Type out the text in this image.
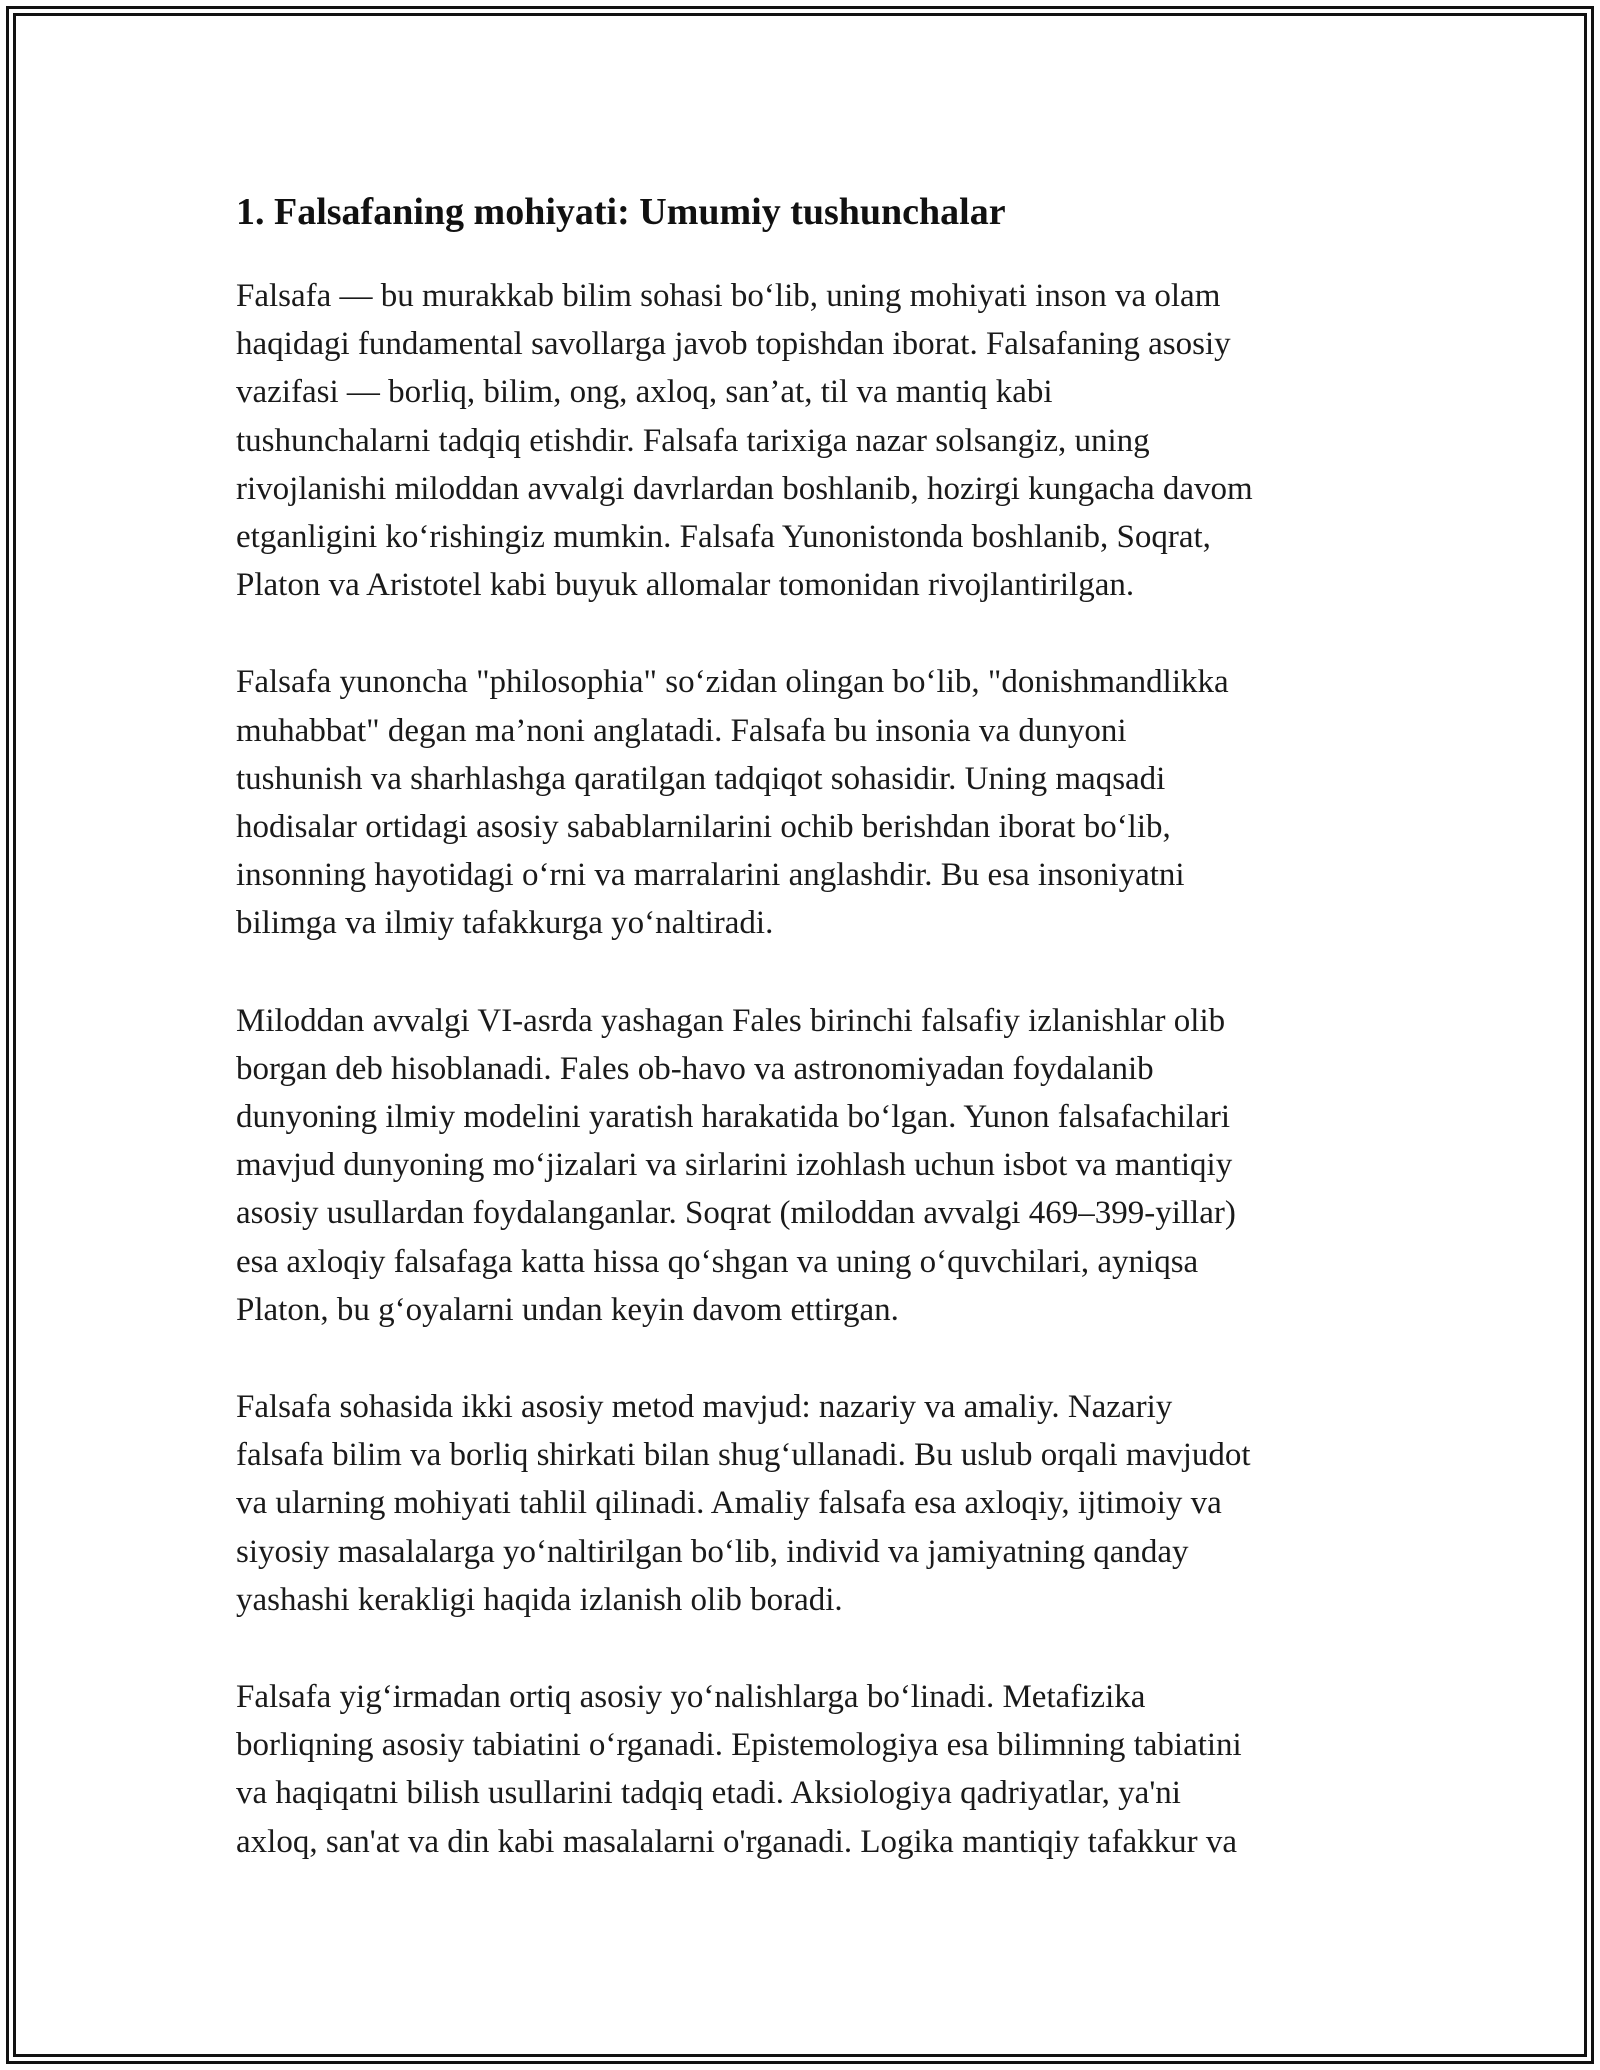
1. Falsafaning mohiyati: Umumiy tushunchalar
Falsafa — bu murakkab bilim sohasi bo‘lib, uning mohiyati inson va olam
haqidagi fundamental savollarga javob topishdan iborat. Falsafaning asosiy
vazifasi — borliq, bilim, ong, axloq, san’at, til va mantiq kabi
tushunchalarni tadqiq etishdir. Falsafa tarixiga nazar solsangiz, uning
rivojlanishi miloddan avvalgi davrlardan boshlanib, hozirgi kungacha davom
etganligini ko‘rishingiz mumkin. Falsafa Yunonistonda boshlanib, Soqrat,
Platon va Aristotel kabi buyuk allomalar tomonidan rivojlantirilgan.
Falsafa yunoncha "philosophia" so‘zidan olingan bo‘lib, "donishmandlikka
muhabbat" degan ma’noni anglatadi. Falsafa bu insonia va dunyoni
tushunish va sharhlashga qaratilgan tadqiqot sohasidir. Uning maqsadi
hodisalar ortidagi asosiy sabablarnilarini ochib berishdan iborat bo‘lib,
insonning hayotidagi o‘rni va marralarini anglashdir. Bu esa insoniyatni
bilimga va ilmiy tafakkurga yo‘naltiradi.
Miloddan avvalgi VI-asrda yashagan Fales birinchi falsafiy izlanishlar olib
borgan deb hisoblanadi. Fales ob-havo va astronomiyadan foydalanib
dunyoning ilmiy modelini yaratish harakatida bo‘lgan. Yunon falsafachilari
mavjud dunyoning mo‘jizalari va sirlarini izohlash uchun isbot va mantiqiy
asosiy usullardan foydalanganlar. Soqrat (miloddan avvalgi 469–399-yillar)
esa axloqiy falsafaga katta hissa qo‘shgan va uning o‘quvchilari, ayniqsa
Platon, bu g‘oyalarni undan keyin davom ettirgan.
Falsafa sohasida ikki asosiy metod mavjud: nazariy va amaliy. Nazariy
falsafa bilim va borliq shirkati bilan shug‘ullanadi. Bu uslub orqali mavjudot
va ularning mohiyati tahlil qilinadi. Amaliy falsafa esa axloqiy, ijtimoiy va
siyosiy masalalarga yo‘naltirilgan bo‘lib, individ va jamiyatning qanday
yashashi kerakligi haqida izlanish olib boradi.
Falsafa yig‘irmadan ortiq asosiy yo‘nalishlarga bo‘linadi. Metafizika
borliqning asosiy tabiatini o‘rganadi. Epistemologiya esa bilimning tabiatini
va haqiqatni bilish usullarini tadqiq etadi. Aksiologiya qadriyatlar, ya'ni
axloq, san'at va din kabi masalalarni o'rganadi. Logika mantiqiy tafakkur va
